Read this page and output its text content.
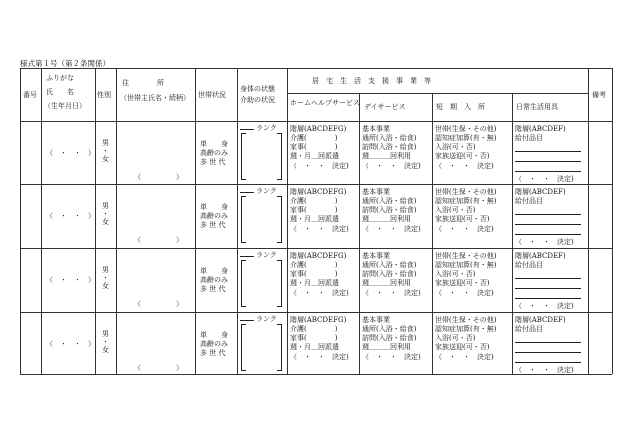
様式第１号（第２条関係）
番号
ふりがな
氏　　名
（生年月日）
性別
住　　　　所
（世帯主氏名・続柄） 世帯状況
身体の状態
介助の状況
居　宅　生　活　支　援　事　業　等
ホームヘルプサービス デイサービス	短　期　入　所	日常生活用具
備考
（　・　・　）
男
・
女
（　　　　　）
単　　身
高齢のみ
多 世 代
ランク 階層(ABCDEFG)
介護(　　　　)
家事(　　　　)
週・月＿回派遣
（　・　・　決定)
基本事業
通所(入浴・給食)
訪問(入浴・給食)
週＿＿＿回利用
（　・　・　決定)
世帯(生保・その他)
認知症加算(有・無)
入浴(可・否)
家族送迎(可・否)
（　・　・　決定)
階層(ABCDEF)
給付品目
（　・　・　決定)
（　・　・　）
男
・
女
（　　　　　）
単　　身
高齢のみ
多 世 代
ランク 階層(ABCDEFG)
介護(　　　　)
家事(　　　　)
週・月＿回派遣
（　・　・　決定)
基本事業
通所(入浴・給食)
訪問(入浴・給食)
週＿＿＿回利用
（　・　・　決定)
世帯(生保・その他)
認知症加算(有・無)
入浴(可・否)
家族送迎(可・否)
（　・　・　決定)
階層(ABCDEF)
給付品目
（　・　・　決定)
（　・　・　）
男
・
女
（　　　　　）
単　　身
高齢のみ
多 世 代
ランク 階層(ABCDEFG)
介護(　　　　)
家事(　　　　)
週・月＿回派遣
（　・　・　決定)
基本事業
通所(入浴・給食)
訪問(入浴・給食)
週＿＿＿回利用
（　・　・　決定)
世帯(生保・その他)
認知症加算(有・無)
入浴(可・否)
家族送迎(可・否)
（　・　・　決定)
階層(ABCDEF)
給付品目
（　・　・　決定)
（　・　・　）
男
・
女
（　　　　　）
単　　身
高齢のみ
多 世 代
ランク 階層(ABCDEFG)
介護(　　　　)
家事(　　　　)
週・月＿回派遣
（　・　・　決定)
基本事業
通所(入浴・給食)
訪問(入浴・給食)
週＿＿＿回利用
（　・　・　決定)
世帯(生保・その他)
認知症加算(有・無)
入浴(可・否)
家族送迎(可・否)
（　・　・　決定)
階層(ABCDEF)
給付品目
（　・　・　決定)
